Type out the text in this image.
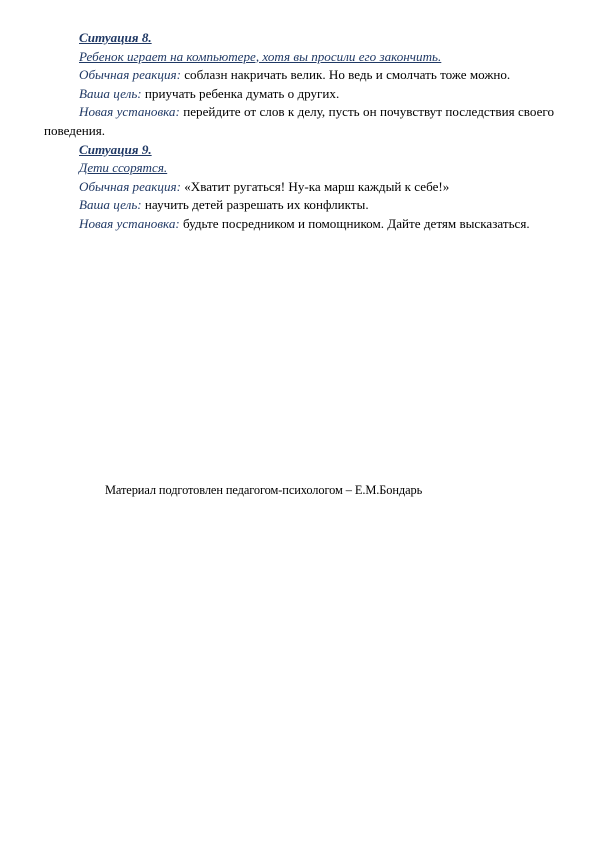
Ситуация 8.

Ребенок играет на компьютере, хотя вы просили его закончить.

Обычная реакция: соблазн накричать велик. Но ведь и смолчать тоже можно.

Ваша цель: приучать ребенка думать о других.

Новая установка: перейдите от слов к делу, пусть он почувствут последствия своего поведения.

Ситуация 9.

Дети ссорятся.

Обычная реакция: «Хватит ругаться! Ну-ка марш каждый к себе!»

Ваша цель: научить детей разрешать их конфликты.

Новая установка: будьте посредником и помощником. Дайте детям высказаться.

Материал подготовлен педагогом-психологом – Е.М.Бондарь
